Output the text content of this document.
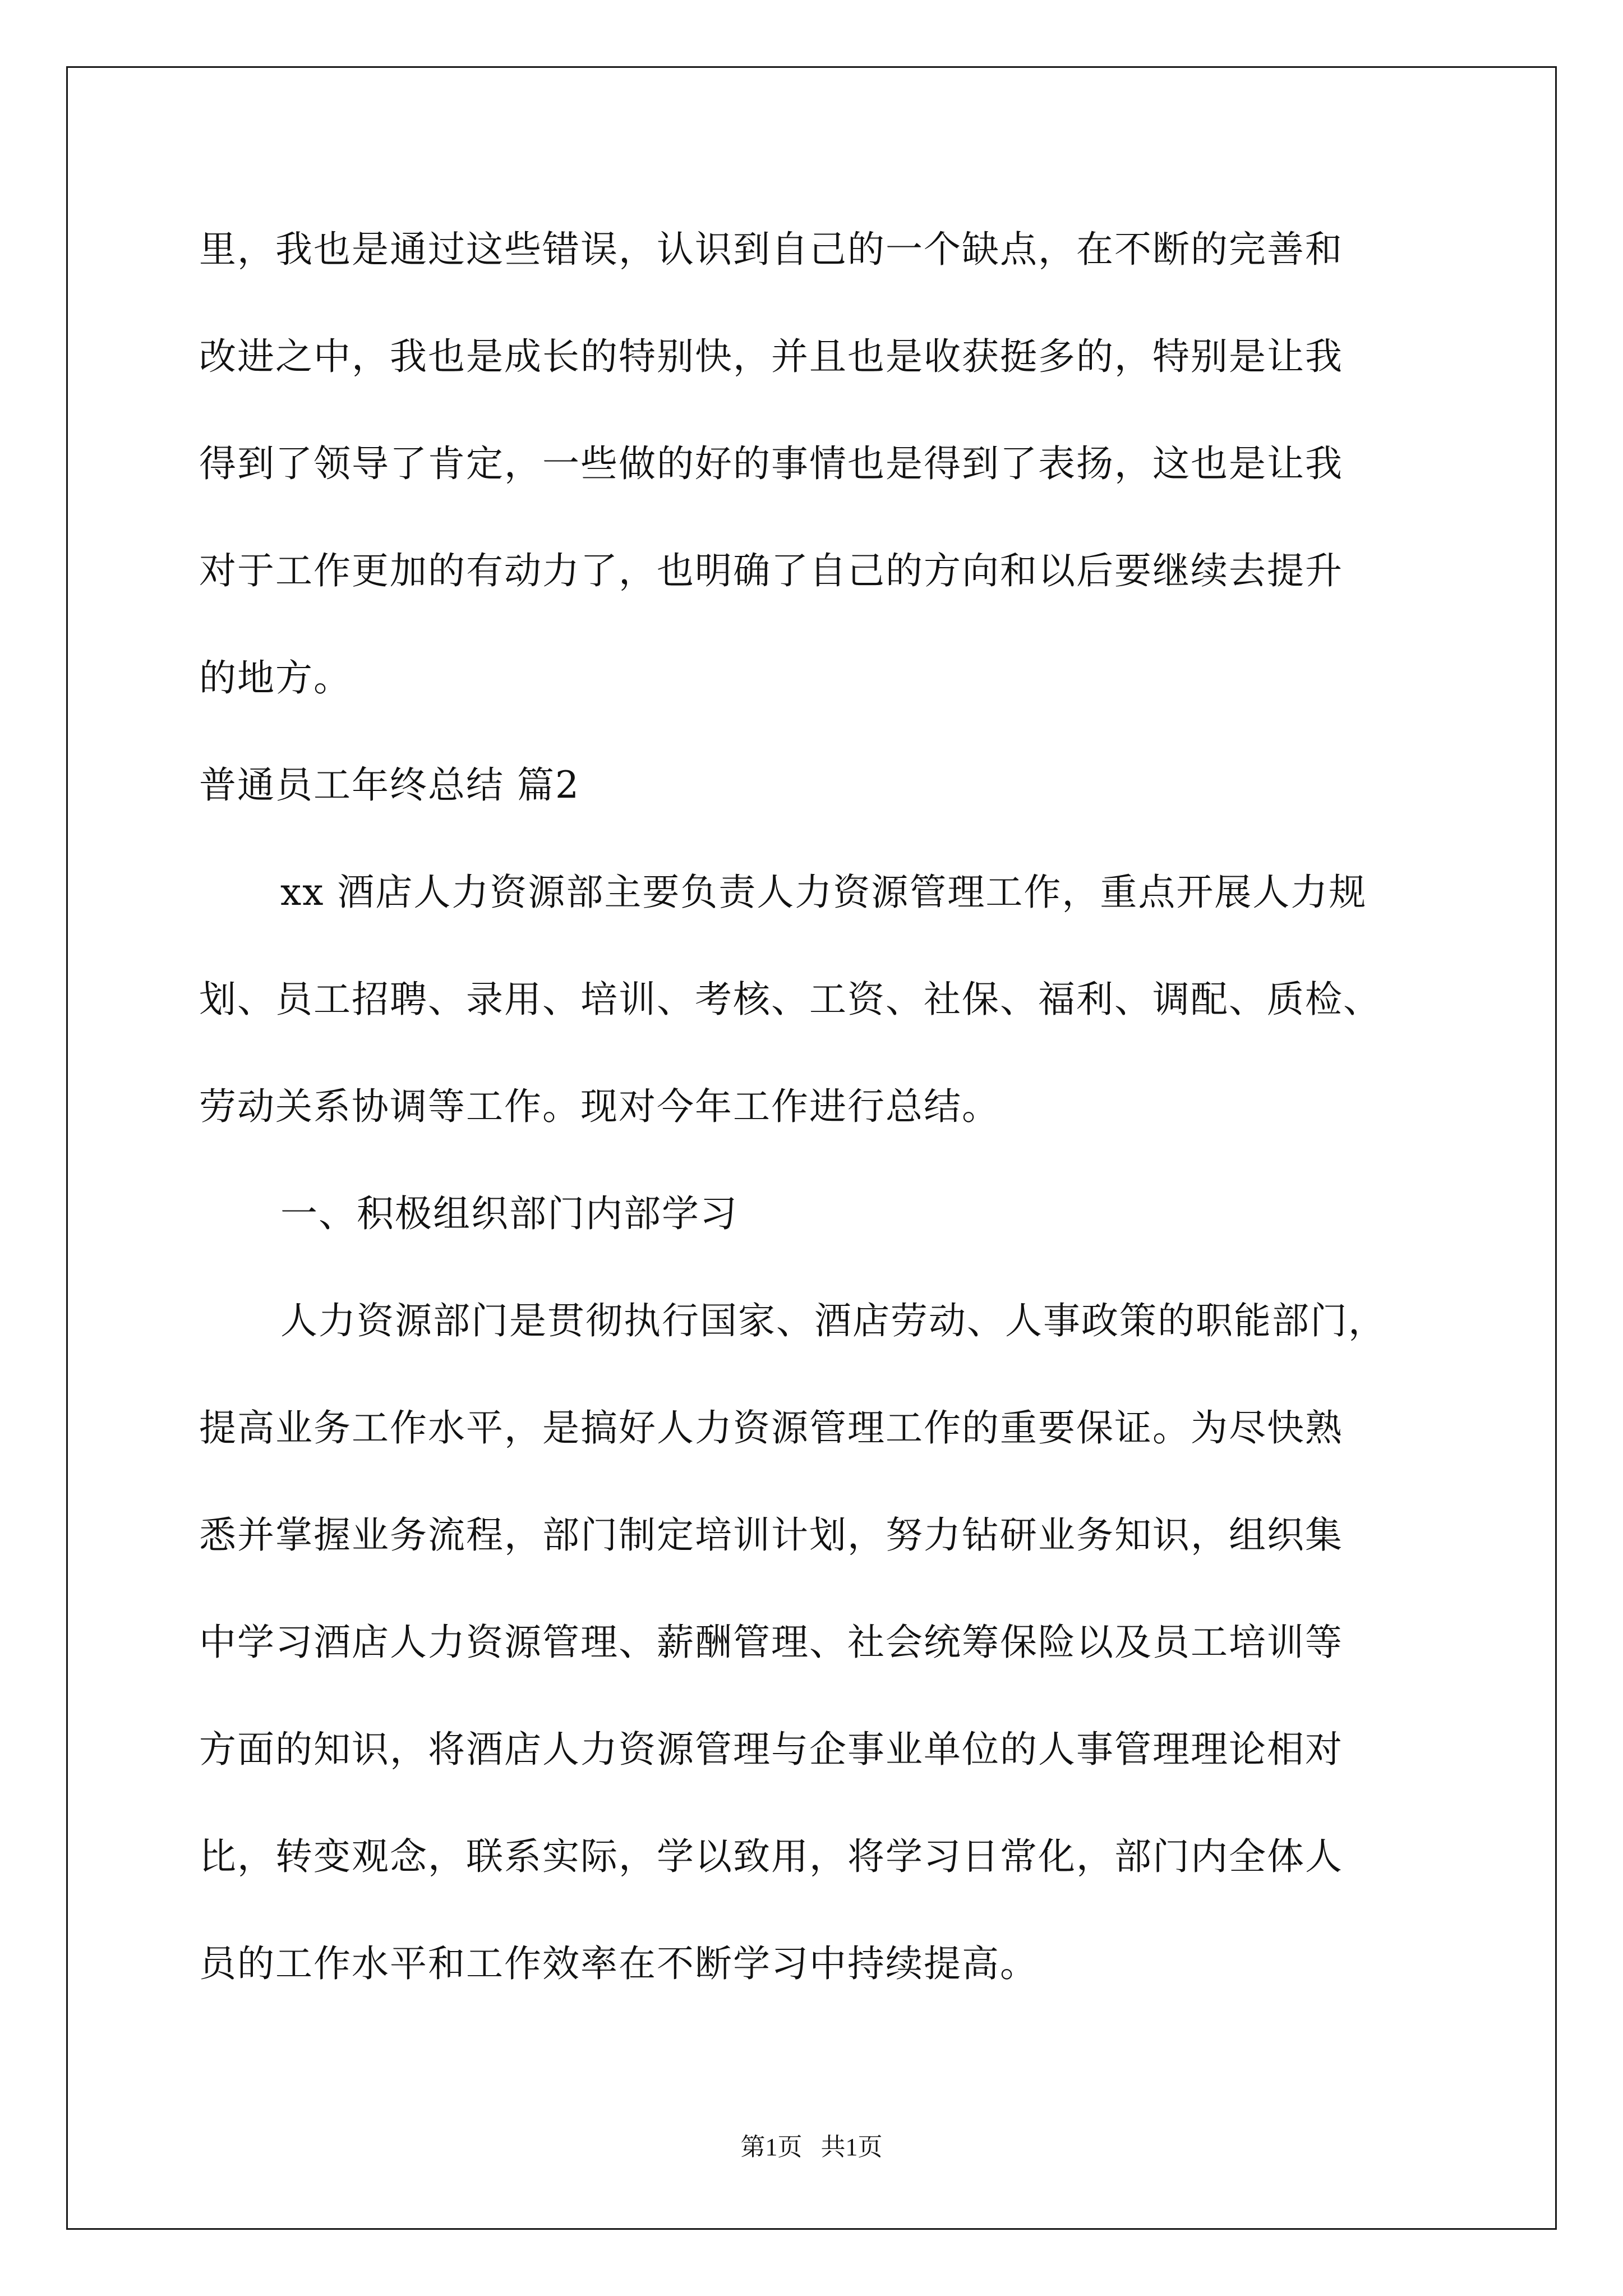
里，我也是通过这些错误，认识到自己的一个缺点，在不断的完善和
改进之中，我也是成长的特别快，并且也是收获挺多的，特别是让我
得到了领导了肯定，一些做的好的事情也是得到了表扬，这也是让我
对于工作更加的有动力了，也明确了自己的方向和以后要继续去提升
的地方。
普通员工年终总结 篇2
xx 酒店人力资源部主要负责人力资源管理工作，重点开展人力规
划、员工招聘、录用、培训、考核、工资、社保、福利、调配、质检、
劳动关系协调等工作。现对今年工作进行总结。
一、积极组织部门内部学习
人力资源部门是贯彻执行国家、酒店劳动、人事政策的职能部门，
提高业务工作水平，是搞好人力资源管理工作的重要保证。为尽快熟
悉并掌握业务流程，部门制定培训计划，努力钻研业务知识，组织集
中学习酒店人力资源管理、薪酬管理、社会统筹保险以及员工培训等
方面的知识，将酒店人力资源管理与企事业单位的人事管理理论相对
比，转变观念，联系实际，学以致用，将学习日常化，部门内全体人
员的工作水平和工作效率在不断学习中持续提高。
第1页   共1页
